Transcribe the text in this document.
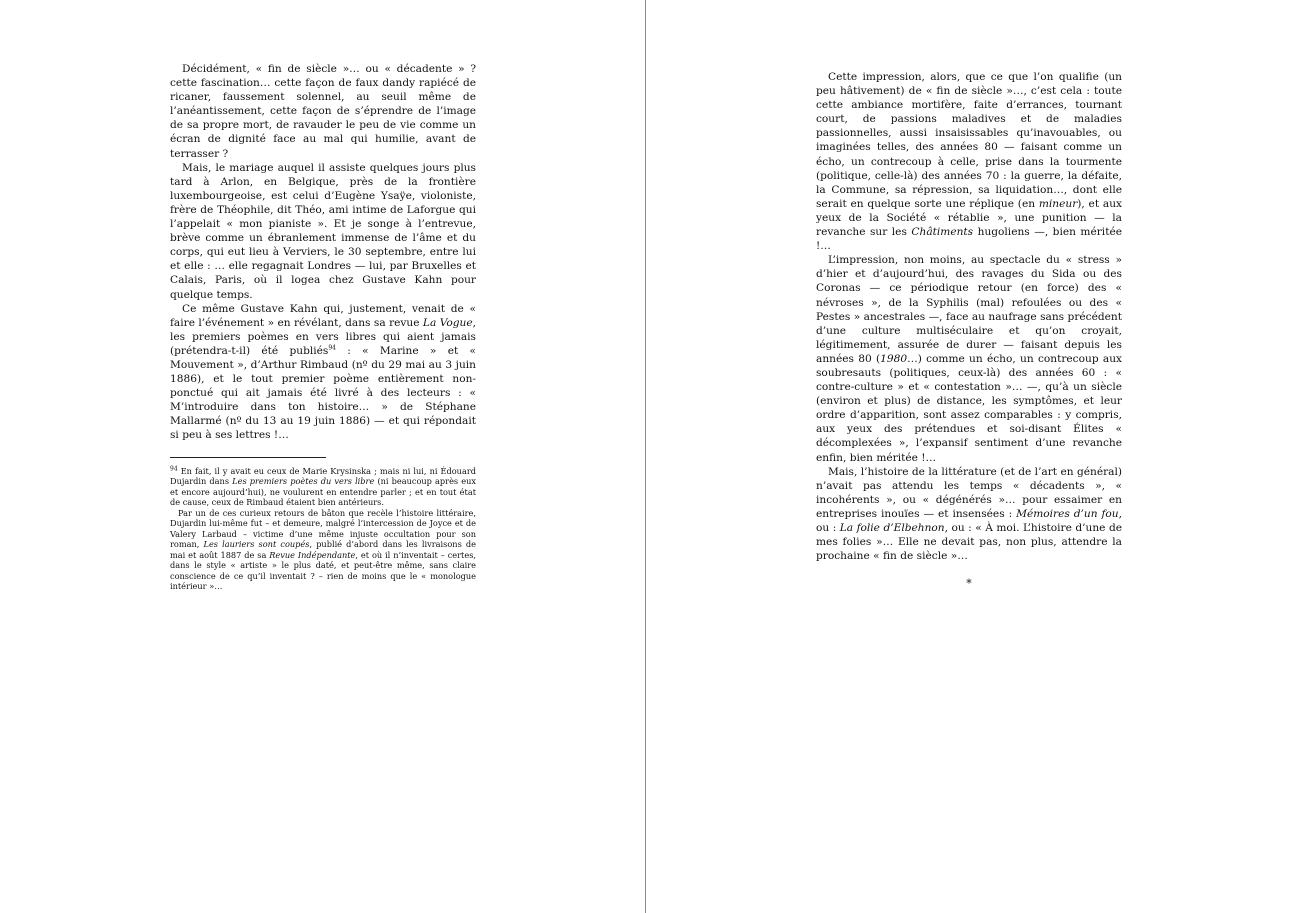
Décidément, « fin de siècle »… ou « décadente » ? cette fascination… cette façon de faux dandy rapiécé de ricaner, faussement solennel, au seuil même de l’anéantissement, cette façon de s’éprendre de l’image de sa propre mort, de ravauder le peu de vie comme un écran de dignité face au mal qui humilie, avant de terrasser ?

Mais, le mariage auquel il assiste quelques jours plus tard à Arlon, en Belgique, près de la frontière luxembourgeoise, est celui d’Eugène Ysaÿe, violoniste, frère de Théophile, dit Théo, ami intime de Laforgue qui l’appelait « mon pianiste ». Et je songe à l’entrevue, brève comme un ébranlement immense de l’âme et du corps, qui eut lieu à Verviers, le 30 septembre, entre lui et elle : … elle regagnait Londres — lui, par Bruxelles et Calais, Paris, où il logea chez Gustave Kahn pour quelque temps.

Ce même Gustave Kahn qui, justement, venait de « faire l’événement » en révélant, dans sa revue La Vogue, les premiers poèmes en vers libres qui aient jamais (prétendra-t-il) été publiés$^{94}$ : « Marine » et « Mouvement », d’Arthur Rimbaud (nº du 29 mai au 3 juin 1886), et le tout premier poème entièrement non-ponctué qui ait jamais été livré à des lecteurs : « M’introduire dans ton histoire… » de Stéphane Mallarmé (nº du 13 au 19 juin 1886) — et qui répondait si peu à ses lettres !…

$^{94}$ En fait, il y avait eu ceux de Marie Krysinska ; mais ni lui, ni Édouard Dujardin dans Les premiers poètes du vers libre (ni beaucoup après eux et encore aujourd’hui), ne voulurent en entendre parler ; et en tout état de cause, ceux de Rimbaud étaient bien antérieurs.

Par un de ces curieux retours de bâton que recèle l’histoire littéraire, Dujardin lui-même fut – et demeure, malgré l’intercession de Joyce et de Valery Larbaud – victime d’une même injuste occultation pour son roman, Les lauriers sont coupés, publié d’abord dans les livraisons de mai et août 1887 de sa Revue Indépendante, et où il n’inventait – certes, dans le style « artiste » le plus daté, et peut-être même, sans claire conscience de ce qu’il inventait ? – rien de moins que le « monologue intérieur »…

Cette impression, alors, que ce que l’on qualifie (un peu hâtivement) de « fin de siècle »…, c’est cela : toute cette ambiance mortifère, faite d’errances, tournant court, de passions maladives et de maladies passionnelles, aussi insaisissables qu’inavouables, ou imaginées telles, des années 80 — faisant comme un écho, un contrecoup à celle, prise dans la tourmente (politique, celle-là) des années 70 : la guerre, la défaite, la Commune, sa répression, sa liquidation…, dont elle serait en quelque sorte une réplique (en mineur), et aux yeux de la Société « rétablie », une punition — la revanche sur les Châtiments hugoliens —, bien méritée !…

L’impression, non moins, au spectacle du « stress » d’hier et d’aujourd’hui, des ravages du Sida ou des Coronas — ce périodique retour (en force) des « névroses », de la Syphilis (mal) refoulées ou des « Pestes » ancestrales —, face au naufrage sans précédent d’une culture multiséculaire et qu’on croyait, légitimement, assurée de durer — faisant depuis les années 80 (1980…) comme un écho, un contrecoup aux soubresauts (politiques, ceux-là) des années 60 : « contre-culture » et « contestation »… —, qu’à un siècle (environ et plus) de distance, les symptômes, et leur ordre d’apparition, sont assez comparables : y compris, aux yeux des prétendues et soi-disant Élites « décomplexées », l’expansif sentiment d’une revanche enfin, bien méritée !…

Mais, l’histoire de la littérature (et de l’art en général) n’avait pas attendu les temps « décadents », « incohérents », ou « dégénérés »… pour essaimer en entreprises inouïes — et insensées : Mémoires d’un fou, ou : La folie d’Elbehnon, ou : « À moi. L’histoire d’une de mes folies »… Elle ne devait pas, non plus, attendre la prochaine « fin de siècle »…

*
